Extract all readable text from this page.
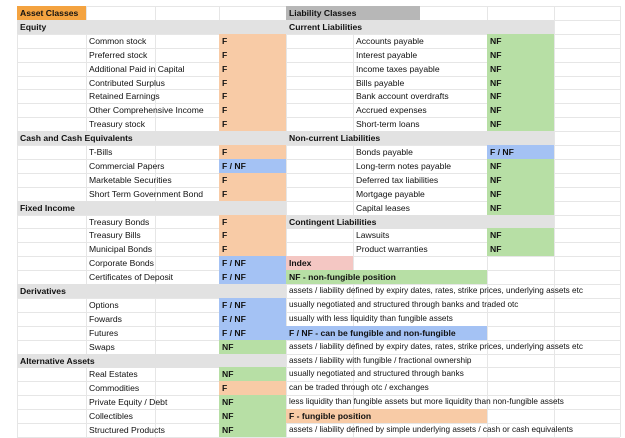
Asset Classes
Equity
Common stock	F
Preferred stock	F
Additional Paid in Capital	F
Contributed Surplus	F
Retained Earnings	F
Other Comprehensive Income	F
Treasury stock	F
Cash and Cash Equivalents
T-Bills	F
Commercial Papers	F / NF
Marketable Securities	F
Short Term Government Bond	F
Fixed Income
Treasury Bonds	F
Treasury Bills	F
Municipal Bonds	F
Corporate Bonds	F / NF
Certificates of Deposit	F / NF
Derivatives
Options	F / NF
Fowards	F / NF
Futures	F / NF
Swaps	NF
Alternative Assets
Real Estates	NF
Commodities	F
Private Equity / Debt	NF
Collectibles	NF
Structured Products	NF
Liability Classes
Current Liabilities
Accounts payable	NF
Interest payable	NF
Income taxes payable	NF
Bills payable	NF
Bank account overdrafts	NF
Accrued expenses	NF
Short-term loans	NF
Non-current Liabilities
Bonds payable	F / NF
Long-term notes payable	NF
Deferred tax liabilities	NF
Mortgage payable	NF
Capital leases	NF
Contingent Liabilities
Lawsuits	NF
Product warranties	NF
Index
NF - non-fungible position
assets / liability defined by expiry dates, rates, strike prices, underlying assets etc
usually negotiated and structured through banks and traded otc
usually with less liquidity than fungible assets
F / NF - can be fungible and non-fungible
assets / liability defined by expiry dates, rates, strike prices, underlying assets etc
assets / liability with fungible / fractional ownership
usually negotiated and structured through banks
can be traded through otc / exchanges
less liquidity than fungible assets but more liquidity than non-fungible assets
F - fungible position
assets / liability defined by simple underlying assets / cash or cash equivalents
